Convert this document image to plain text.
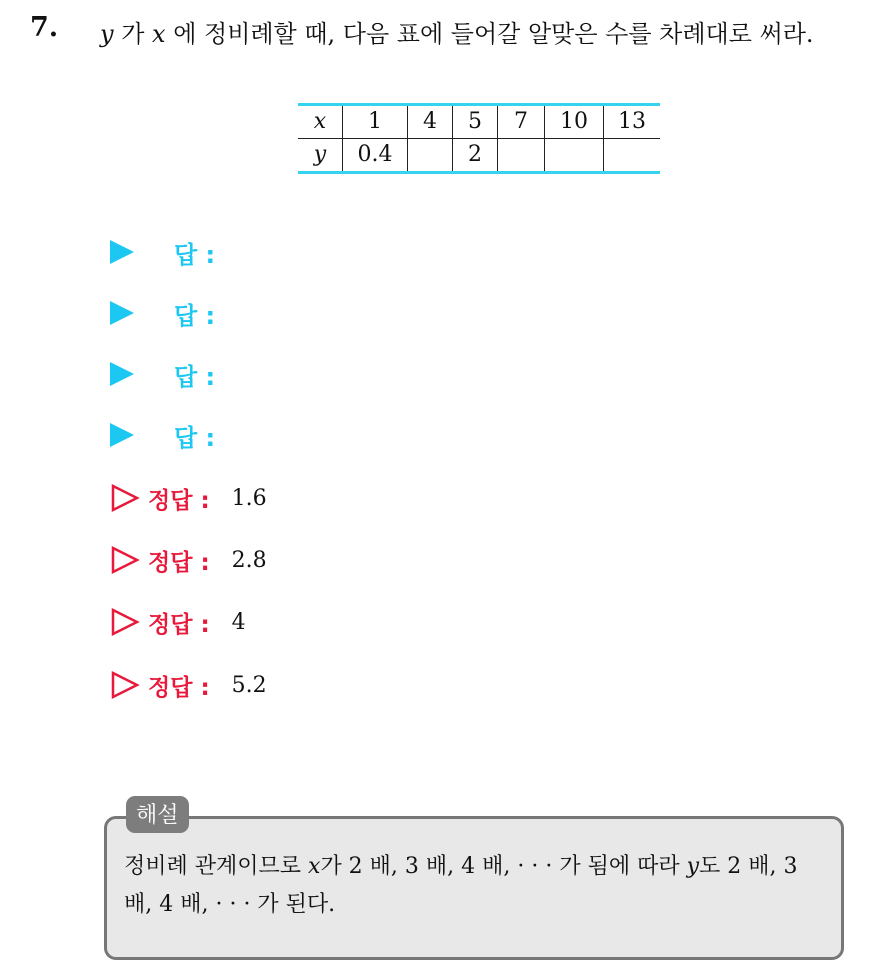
7. y 가 x 에 정비례할 때, 다음 표에 들어갈 알맞은 수를 차례대로 써라.
x	1	4	5	7	10	13
y	0.4		2			
답 :
답 :
답 :
답 :
정답 : 1.6
정답 : 2.8
정답 : 4
정답 : 5.2
해설
정비례 관계이므로 x가 2 배, 3 배, 4 배, · · · 가 됨에 따라 y도 2 배, 3 배, 4 배, · · · 가 된다.
